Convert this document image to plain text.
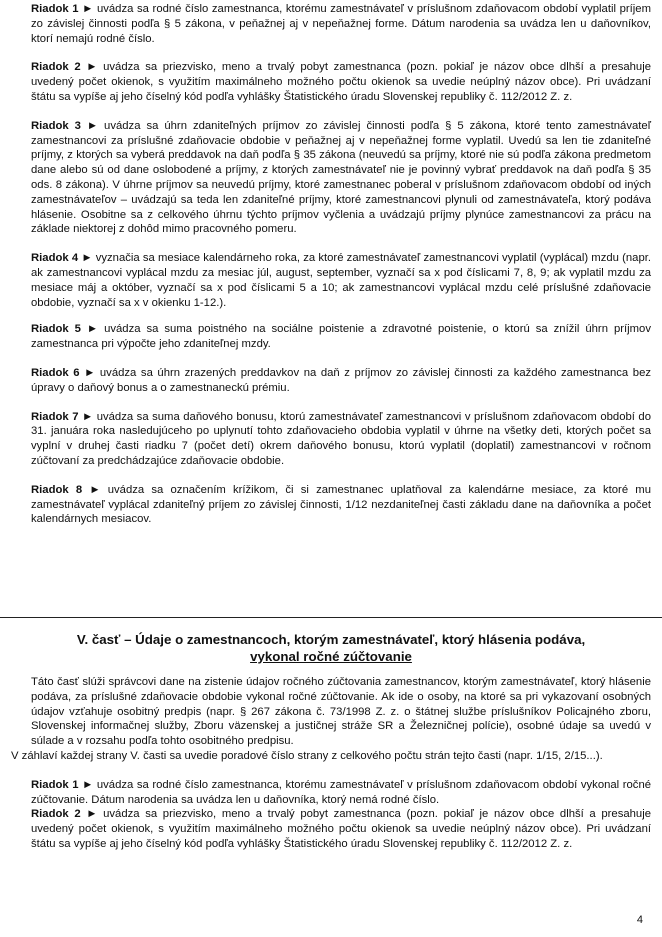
Riadok 1 ► uvádza sa rodné číslo zamestnanca, ktorému zamestnávateľ v príslušnom zdaňovacom období vyplatil príjem zo závislej činnosti podľa § 5 zákona, v peňažnej aj v nepeňažnej forme. Dátum narodenia sa uvádza len u daňovníkov, ktorí nemajú rodné číslo.

Riadok 2 ► uvádza sa priezvisko, meno a trvalý pobyt zamestnanca (pozn. pokiaľ je názov obce dlhší a presahuje uvedený počet okienok, s využitím maximálneho možného počtu okienok sa uvedie neúplný názov obce). Pri uvádzaní štátu sa vypíše aj jeho číselný kód podľa vyhlášky Štatistického úradu Slovenskej republiky č. 112/2012 Z. z.

Riadok 3 ► uvádza sa úhrn zdaniteľných príjmov zo závislej činnosti podľa § 5 zákona, ktoré tento zamestnávateľ zamestnancovi za príslušné zdaňovacie obdobie v peňažnej aj v nepeňažnej forme vyplatil. Uvedú sa len tie zdaniteľné príjmy, z ktorých sa vyberá preddavok na daň podľa § 35 zákona (neuvedú sa príjmy, ktoré nie sú podľa zákona predmetom dane alebo sú od dane oslobodené a príjmy, z ktorých zamestnávateľ nie je povinný vybrať preddavok na daň podľa § 35 ods. 8 zákona). V úhrne príjmov sa neuvedú príjmy, ktoré zamestnanec poberal v príslušnom zdaňovacom období od iných zamestnávateľov – uvádzajú sa teda len zdaniteľné príjmy, ktoré zamestnancovi plynuli od zamestnávateľa, ktorý podáva hlásenie. Osobitne sa z celkového úhrnu týchto príjmov vyčlenia a uvádzajú príjmy plynúce zamestnancovi za prácu na základe niektorej z dohôd mimo pracovného pomeru.

Riadok 4 ► vyznačia sa mesiace kalendárneho roka, za ktoré zamestnávateľ zamestnancovi vyplatil (vyplácal) mzdu (napr. ak zamestnancovi vyplácal mzdu za mesiac júl, august, september, vyznačí sa x pod číslicami 7, 8, 9; ak vyplatil mzdu za mesiace máj a október, vyznačí sa x pod číslicami 5 a 10; ak zamestnancovi vyplácal mzdu celé príslušné zdaňovacie obdobie, vyznačí sa x v okienku 1-12.).

Riadok 5 ► uvádza sa suma poistného na sociálne poistenie a zdravotné poistenie, o ktorú sa znížil úhrn príjmov zamestnanca pri výpočte jeho zdaniteľnej mzdy.

Riadok 6 ► uvádza sa úhrn zrazených preddavkov na daň z príjmov zo závislej činnosti za každého zamestnanca bez úpravy o daňový bonus a o zamestnaneckú prémiu.

Riadok 7 ► uvádza sa suma daňového bonusu, ktorú zamestnávateľ zamestnancovi v príslušnom zdaňovacom období do 31. januára roka nasledujúceho po uplynutí tohto zdaňovacieho obdobia vyplatil v úhrne na všetky deti, ktorých počet sa vyplní v druhej časti riadku 7 (počet detí) okrem daňového bonusu, ktorú vyplatil (doplatil) zamestnancovi v ročnom zúčtovaní za predchádzajúce zdaňovacie obdobie.

Riadok 8 ► uvádza sa označením krížikom, či si zamestnanec uplatňoval za kalendárne mesiace, za ktoré mu zamestnávateľ vyplácal zdaniteľný príjem zo závislej činnosti, 1/12 nezdaniteľnej časti základu dane na daňovníka a počet kalendárnych mesiacov.

V. časť – Údaje o zamestnancoch, ktorým zamestnávateľ, ktorý hlásenia podáva,

vykonal ročné zúčtovanie

Táto časť slúži správcovi dane na zistenie údajov ročného zúčtovania zamestnancov, ktorým zamestnávateľ, ktorý hlásenie podáva, za príslušné zdaňovacie obdobie vykonal ročné zúčtovanie. Ak ide o osoby, na ktoré sa pri vykazovaní osobných údajov vzťahuje osobitný predpis (napr. § 267 zákona č. 73/1998 Z. z. o štátnej službe príslušníkov Policajného zboru, Slovenskej informačnej služby, Zboru väzenskej a justičnej stráže SR a Železničnej polície), osobné údaje sa uvedú v súlade a v rozsahu podľa tohto osobitného predpisu.

V záhlaví každej strany V. časti sa uvedie poradové číslo strany z celkového počtu strán tejto časti (napr. 1/15, 2/15...).

Riadok 1 ► uvádza sa rodné číslo zamestnanca, ktorému zamestnávateľ v príslušnom zdaňovacom období vykonal ročné zúčtovanie. Dátum narodenia sa uvádza len u daňovníka, ktorý nemá rodné číslo.

Riadok 2 ► uvádza sa priezvisko, meno a trvalý pobyt zamestnanca (pozn. pokiaľ je názov obce dlhší a presahuje uvedený počet okienok, s využitím maximálneho možného počtu okienok sa uvedie neúplný názov obce). Pri uvádzaní štátu sa vypíše aj jeho číselný kód podľa vyhlášky Štatistického úradu Slovenskej republiky č. 112/2012 Z. z.

4
